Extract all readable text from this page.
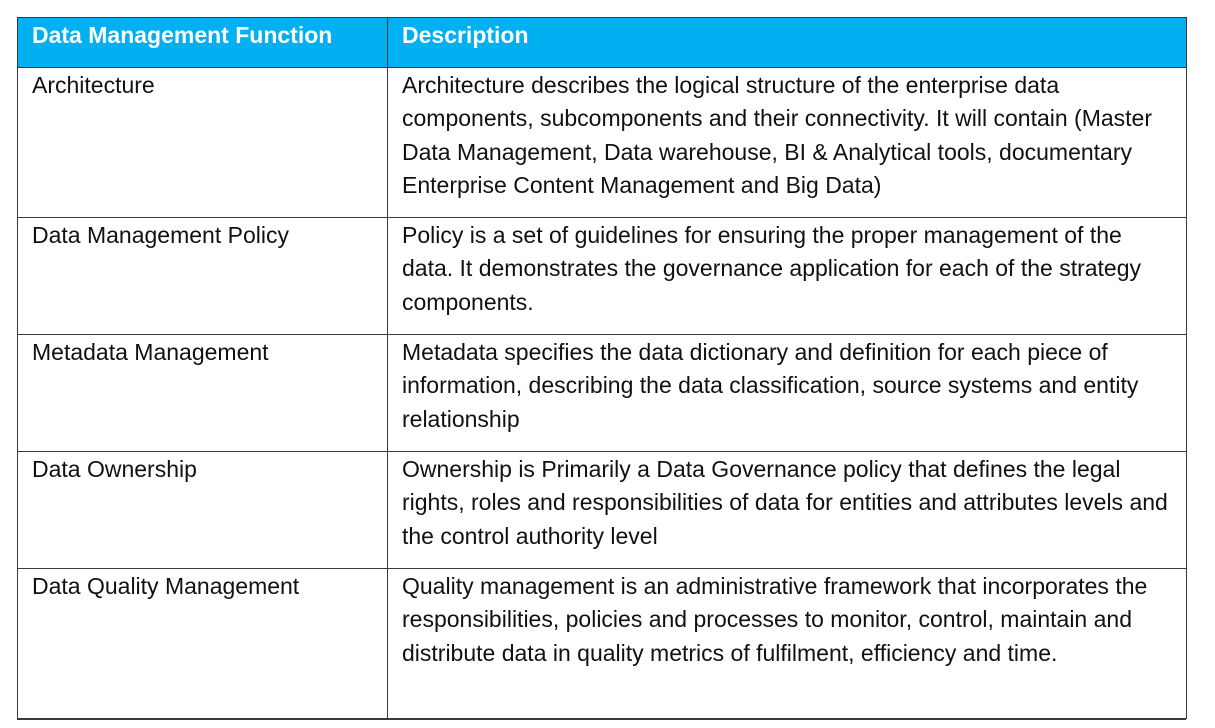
Data Management Function	Description
Architecture	Architecture describes the logical structure of the enterprise data components, subcomponents and their connectivity. It will contain (Master Data Management, Data warehouse, BI & Analytical tools, documentary Enterprise Content Management and Big Data)
Data Management Policy	Policy is a set of guidelines for ensuring the proper management of the data. It demonstrates the governance application for each of the strategy components.
Metadata Management	Metadata specifies the data dictionary and definition for each piece of information, describing the data classification, source systems and entity relationship
Data Ownership	Ownership is Primarily a Data Governance policy that defines the legal rights, roles and responsibilities of data for entities and attributes levels and the control authority level
Data Quality Management	Quality management is an administrative framework that incorporates the responsibilities, policies and processes to monitor, control, maintain and distribute data in quality metrics of fulfilment, efficiency and time.
